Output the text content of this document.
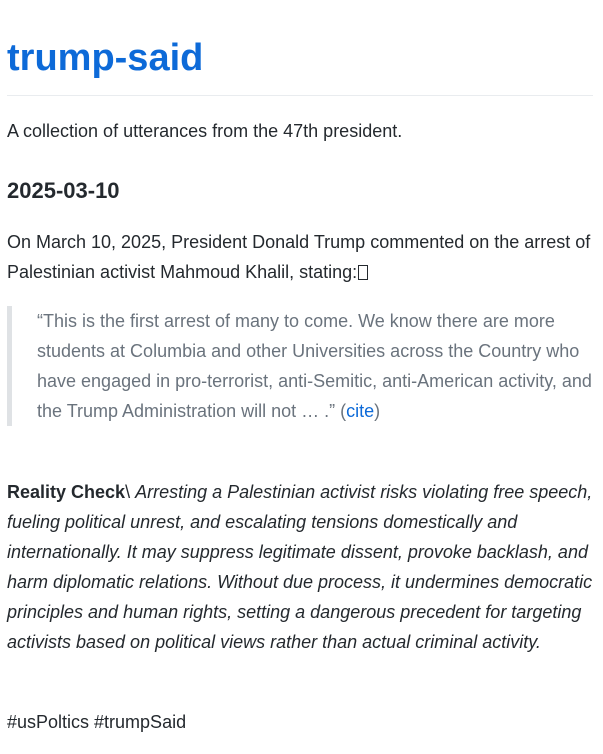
trump-said

A collection of utterances from the 47th president.

2025-03-10

On March 10, 2025, President Donald Trump commented on the arrest of Palestinian activist Mahmoud Khalil, stating:

“This is the first arrest of many to come. We know there are more students at Columbia and other Universities across the Country who have engaged in pro-terrorist, anti-Semitic, anti-American activity, and the Trump Administration will not … .” (cite)

Reality Check\ Arresting a Palestinian activist risks violating free speech, fueling political unrest, and escalating tensions domestically and internationally. It may suppress legitimate dissent, provoke backlash, and harm diplomatic relations. Without due process, it undermines democratic principles and human rights, setting a dangerous precedent for targeting activists based on political views rather than actual criminal activity.

#usPoltics #trumpSaid
